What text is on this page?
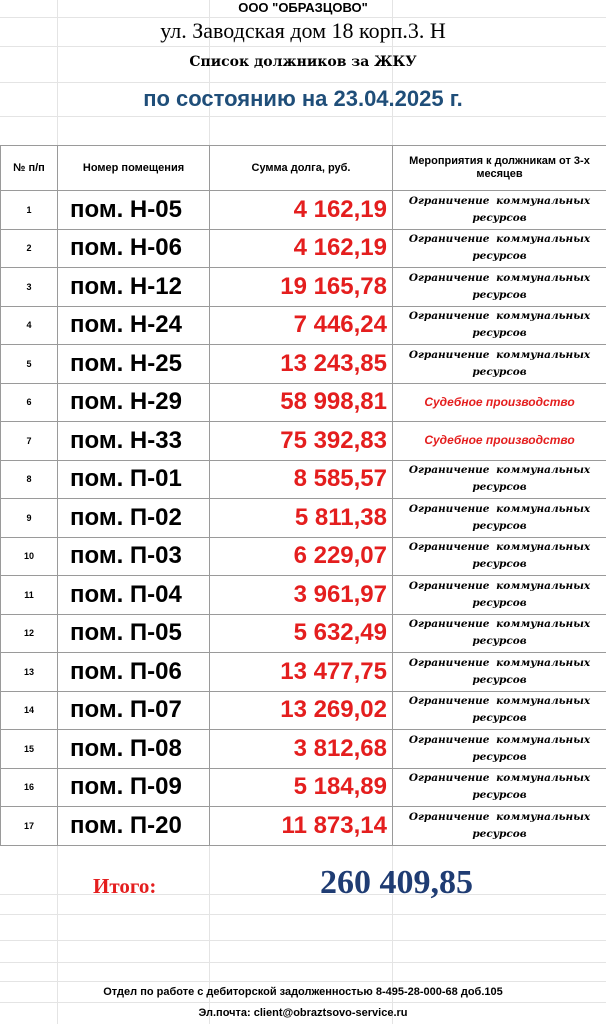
ООО "ОБРАЗЦОВО"
ул. Заводская дом 18 корп.3. Н
Список должников за ЖКУ
по состоянию на 23.04.2025 г.
№ п/п	Номер помещения	Сумма долга, руб.	Мероприятия к должникам от 3-х месяцев
1	пом. Н-05	4 162,19	Ограничение коммунальных ресурсов
2	пом. Н-06	4 162,19	Ограничение коммунальных ресурсов
3	пом. Н-12	19 165,78	Ограничение коммунальных ресурсов
4	пом. Н-24	7 446,24	Ограничение коммунальных ресурсов
5	пом. Н-25	13 243,85	Ограничение коммунальных ресурсов
6	пом. Н-29	58 998,81	Судебное производство
7	пом. Н-33	75 392,83	Судебное производство
8	пом. П-01	8 585,57	Ограничение коммунальных ресурсов
9	пом. П-02	5 811,38	Ограничение коммунальных ресурсов
10	пом. П-03	6 229,07	Ограничение коммунальных ресурсов
11	пом. П-04	3 961,97	Ограничение коммунальных ресурсов
12	пом. П-05	5 632,49	Ограничение коммунальных ресурсов
13	пом. П-06	13 477,75	Ограничение коммунальных ресурсов
14	пом. П-07	13 269,02	Ограничение коммунальных ресурсов
15	пом. П-08	3 812,68	Ограничение коммунальных ресурсов
16	пом. П-09	5 184,89	Ограничение коммунальных ресурсов
17	пом. П-20	11 873,14	Ограничение коммунальных ресурсов
Итого:	260 409,85
Отдел по работе с дебиторской задолженностью 8-495-28-000-68 доб.105
Эл.почта: client@obraztsovo-service.ru
